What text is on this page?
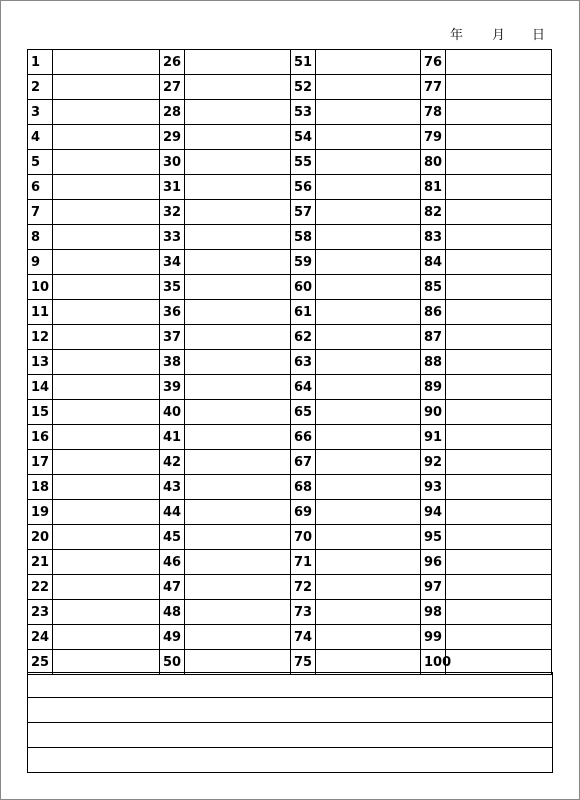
年 月 日
1		26		51		76	
2		27		52		77	
3		28		53		78	
4		29		54		79	
5		30		55		80	
6		31		56		81	
7		32		57		82	
8		33		58		83	
9		34		59		84	
10		35		60		85	
11		36		61		86	
12		37		62		87	
13		38		63		88	
14		39		64		89	
15		40		65		90	
16		41		66		91	
17		42		67		92	
18		43		68		93	
19		44		69		94	
20		45		70		95	
21		46		71		96	
22		47		72		97	
23		48		73		98	
24		49		74		99	
25		50		75		100	
